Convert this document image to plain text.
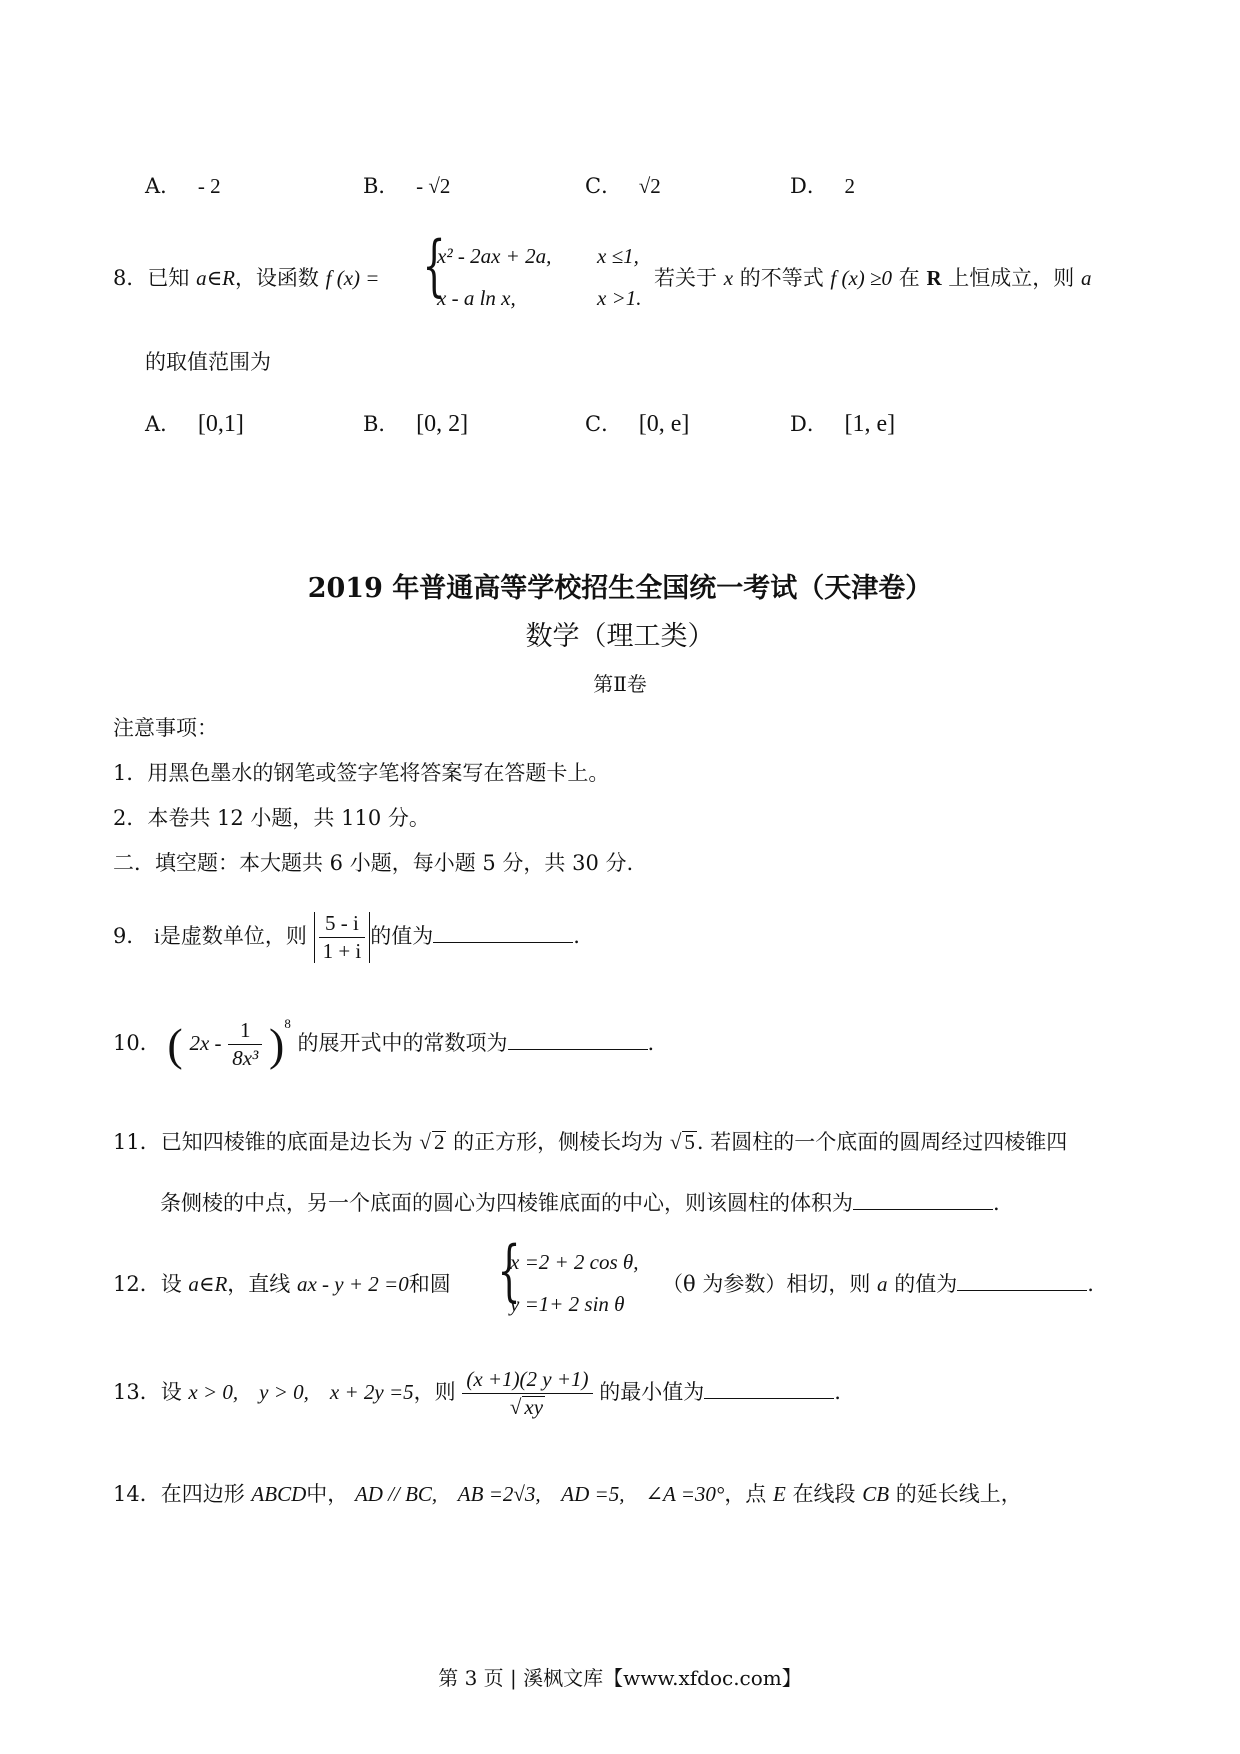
A． - 2	B． - √2	C． √2	D． 2
8．已知 a∈R，设函数 f (x) = {
x² - 2ax + 2a, x ≤1,
x - a ln x,	x >1.
若关于 x 的不等式 f (x) ≥0 在 R 上恒成立，则 a
的取值范围为
A． [0,1]	B． [0, 2]	C． [0, e]	D． [1, e]
2019 年普通高等学校招生全国统一考试（天津卷）
数学（理工类）
第Ⅱ卷
注意事项：
1．用黑色墨水的钢笔或签字笔将答案写在答题卡上。
2．本卷共 12 小题，共 110 分。
二．填空题：本大题共 6 小题，每小题 5 分，共 30 分.
9． i是虚数单位，则 $\frac{5 - i}{1 + i}$ 的值为	.
10． ( $2x - \frac{1}{\text{8x³}} )^8$ 的展开式中的常数项为	.
11．已知四棱锥的底面是边长为 √ 2 的正方形，侧棱长均为 √ 5. 若圆柱的一个底面的圆周经过四棱锥四
条侧棱的中点，另一个底面的圆心为四棱锥底面的中心，则该圆柱的体积为	.
12．设 a∈R，直线 ax - y + 2 =0和圆 {
x =2 + 2 cos θ,
y =1+ 2 sin θ
（θ 为参数）相切，则 a 的值为	.
13．设 x > 0,    y > 0,    x + 2y =5，则 $\frac{(x +1)(2 y +1)}{√ xy}$ 的最小值为	.
14．在四边形 ABCD中， AD // BC,    AB =2√3,    AD =5,    ∠A =30°，点 E 在线段 CB 的延长线上，
第 3 页 | 溪枫文库【www.xfdoc.com】
